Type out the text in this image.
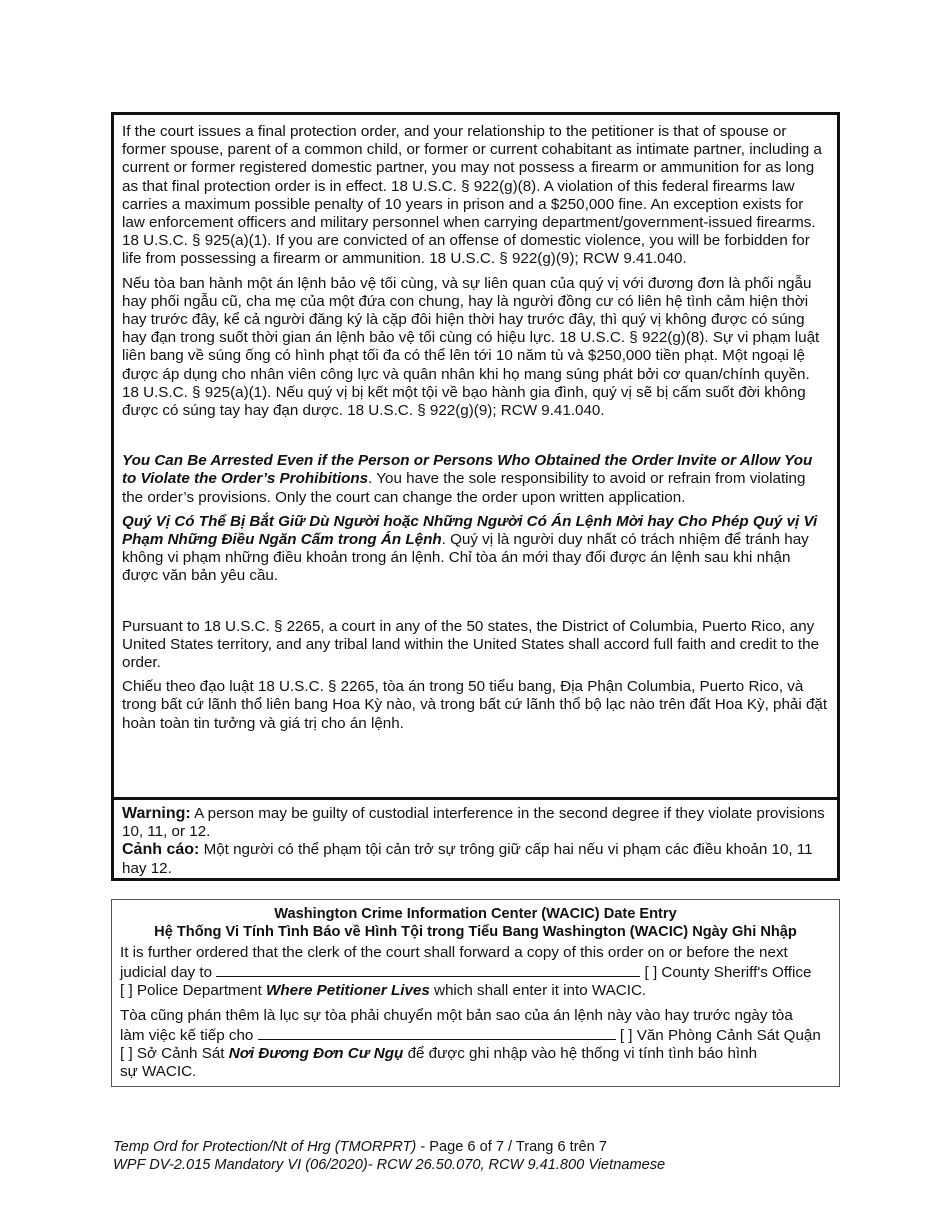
If the court issues a final protection order, and your relationship to the petitioner is that of spouse or former spouse, parent of a common child, or former or current cohabitant as intimate partner, including a current or former registered domestic partner, you may not possess a firearm or ammunition for as long as that final protection order is in effect. 18 U.S.C. § 922(g)(8). A violation of this federal firearms law carries a maximum possible penalty of 10 years in prison and a $250,000 fine. An exception exists for law enforcement officers and military personnel when carrying department/government-issued firearms. 18 U.S.C. § 925(a)(1). If you are convicted of an offense of domestic violence, you will be forbidden for life from possessing a firearm or ammunition. 18 U.S.C. § 922(g)(9); RCW 9.41.040.

Nếu tòa ban hành một án lệnh bảo vệ tối cùng, và sự liên quan của quý vị với đương đơn là phối ngẫu hay phối ngẫu cũ, cha mẹ của một đứa con chung, hay là người đồng cư có liên hệ tình cảm hiện thời hay trước đây, kể cả người đăng ký là cặp đôi hiện thời hay trước đây, thì quý vị không được có súng hay đạn trong suốt thời gian án lệnh bảo vệ tối cùng có hiệu lực. 18 U.S.C. § 922(g)(8). Sự vi phạm luật liên bang về súng ống có hình phạt tối đa có thể lên tới 10 năm tù và $250,000 tiền phạt. Một ngoại lệ được áp dụng cho nhân viên công lực và quân nhân khi họ mang súng phát bởi cơ quan/chính quyền. 18 U.S.C. § 925(a)(1). Nếu quý vị bị kết một tội về bạo hành gia đình, quý vị sẽ bị cấm suốt đời không được có súng tay hay đạn dược. 18 U.S.C. § 922(g)(9); RCW 9.41.040.

You Can Be Arrested Even if the Person or Persons Who Obtained the Order Invite or Allow You to Violate the Order’s Prohibitions. You have the sole responsibility to avoid or refrain from violating the order’s provisions. Only the court can change the order upon written application.

Quý Vị Có Thể Bị Bắt Giữ Dù Người hoặc Những Người Có Án Lệnh Mời hay Cho Phép Quý vị Vi Phạm Những Điều Ngăn Cấm trong Án Lệnh. Quý vị là người duy nhất có trách nhiệm để tránh hay không vi phạm những điều khoản trong án lệnh. Chỉ tòa án mới thay đổi được án lệnh sau khi nhận được văn bản yêu cầu.

Pursuant to 18 U.S.C. § 2265, a court in any of the 50 states, the District of Columbia, Puerto Rico, any United States territory, and any tribal land within the United States shall accord full faith and credit to the order.

Chiếu theo đạo luật 18 U.S.C. § 2265, tòa án trong 50 tiểu bang, Địa Phận Columbia, Puerto Rico, và trong bất cứ lãnh thổ liên bang Hoa Kỳ nào, và trong bất cứ lãnh thổ bộ lạc nào trên đất Hoa Kỳ, phải đặt hoàn toàn tin tưởng và giá trị cho án lệnh.

Warning: A person may be guilty of custodial interference in the second degree if they violate provisions 10, 11, or 12.

Cảnh cáo: Một người có thể phạm tội cản trở sự trông giữ cấp hai nếu vi phạm các điều khoản 10, 11 hay 12.

Washington Crime Information Center (WACIC) Date Entry
Hệ Thống Vi Tính Tình Báo về Hình Tội trong Tiểu Bang Washington (WACIC) Ngày Ghi Nhập

It is further ordered that the clerk of the court shall forward a copy of this order on or before the next

judicial day to	[ ] County Sheriff's Office

[ ] Police Department Where Petitioner Lives which shall enter it into WACIC.

Tòa cũng phán thêm là lục sự tòa phải chuyển một bản sao của án lệnh này vào hay trước ngày tòa

làm việc kế tiếp cho	[ ] Văn Phòng Cảnh Sát Quận

[ ] Sở Cảnh Sát Nơi Đương Đơn Cư Ngụ để được ghi nhập vào hệ thống vi tính tình báo hình

sự WACIC.

Temp Ord for Protection/Nt of Hrg (TMORPRT) - Page 6 of 7 / Trang 6 trên 7
WPF DV-2.015 Mandatory VI (06/2020)- RCW 26.50.070, RCW 9.41.800 Vietnamese
